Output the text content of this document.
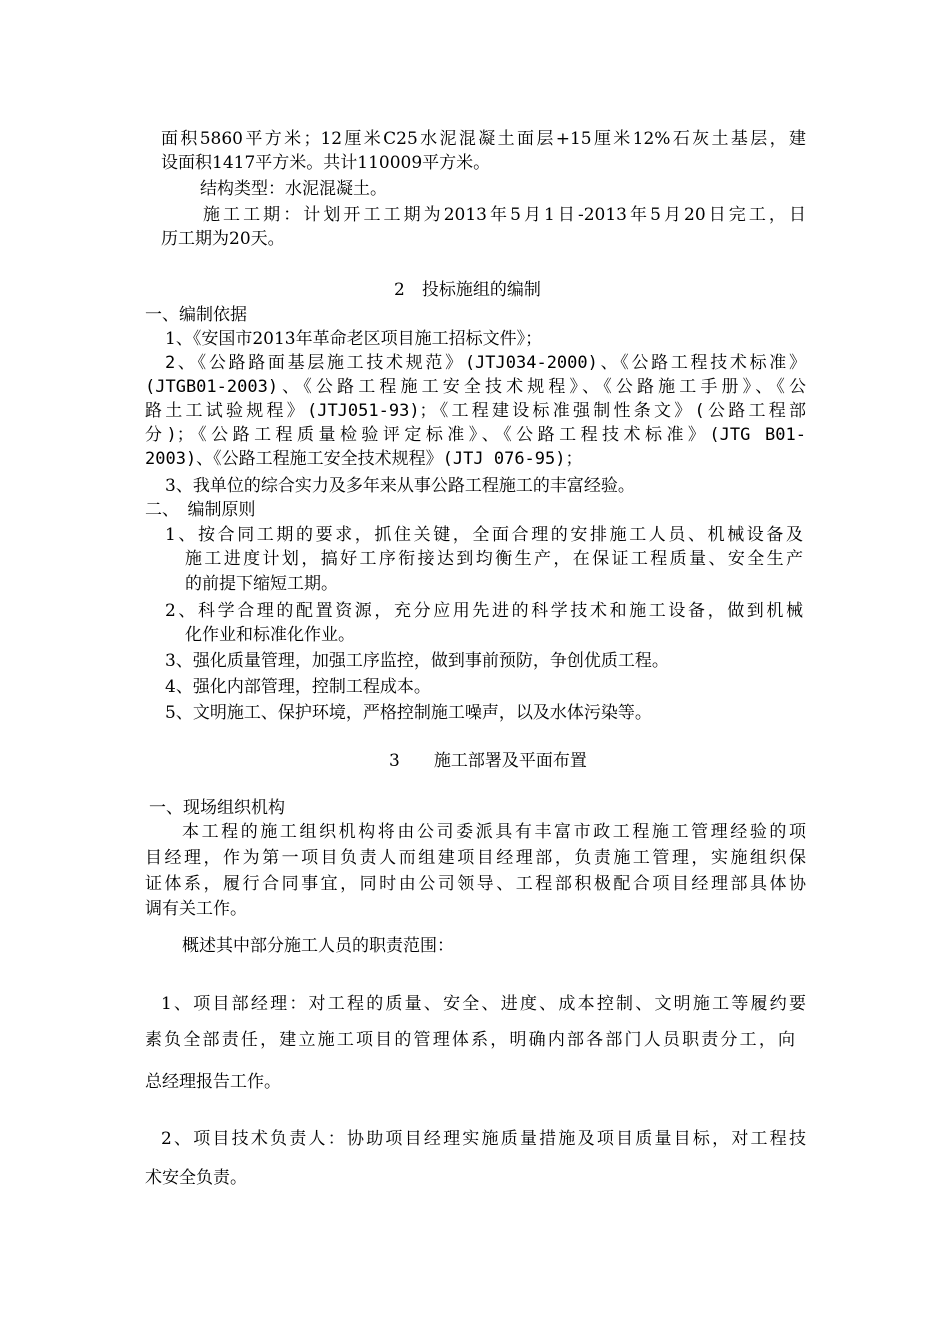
面积5860平方米；12厘米C25水泥混凝土面层+15厘米12%石灰土基层，建
设面积1417平方米。共计110009平方米。
结构类型：水泥混凝土。
施工工期：计划开工工期为2013年5月1日-2013年5月20日完工，日
历工期为20天。
2　投标施组的编制
一、编制依据
1、《安国市2013年革命老区项目施工招标文件》；
2、《公路路面基层施工技术规范》(JTJ034-2000)、《公路工程技术标准》
(JTGB01-2003)、《公路工程施工安全技术规程》、《公路施工手册》、《公
路土工试验规程》(JTJ051-93)；《工程建设标准强制性条文》(公路工程部
分)；《公路工程质量检验评定标准》、《公路工程技术标准》(JTG B01-
2003)、《公路工程施工安全技术规程》(JTJ 076-95)；
3、我单位的综合实力及多年来从事公路工程施工的丰富经验。
二、　编制原则
1、按合同工期的要求，抓住关键，全面合理的安排施工人员、机械设备及
施工进度计划，搞好工序衔接达到均衡生产，在保证工程质量、安全生产
的前提下缩短工期。
2、科学合理的配置资源，充分应用先进的科学技术和施工设备，做到机械
化作业和标准化作业。
3、强化质量管理，加强工序监控，做到事前预防，争创优质工程。
4、强化内部管理，控制工程成本。
5、文明施工、保护环境，严格控制施工噪声，以及水体污染等。
3　　施工部署及平面布置
一、现场组织机构
本工程的施工组织机构将由公司委派具有丰富市政工程施工管理经验的项
目经理，作为第一项目负责人而组建项目经理部，负责施工管理，实施组织保
证体系，履行合同事宜，同时由公司领导、工程部积极配合项目经理部具体协
调有关工作。
概述其中部分施工人员的职责范围：
1、项目部经理：对工程的质量、安全、进度、成本控制、文明施工等履约要
素负全部责任，建立施工项目的管理体系，明确内部各部门人员职责分工，向
总经理报告工作。
2、项目技术负责人：协助项目经理实施质量措施及项目质量目标，对工程技
术安全负责。
